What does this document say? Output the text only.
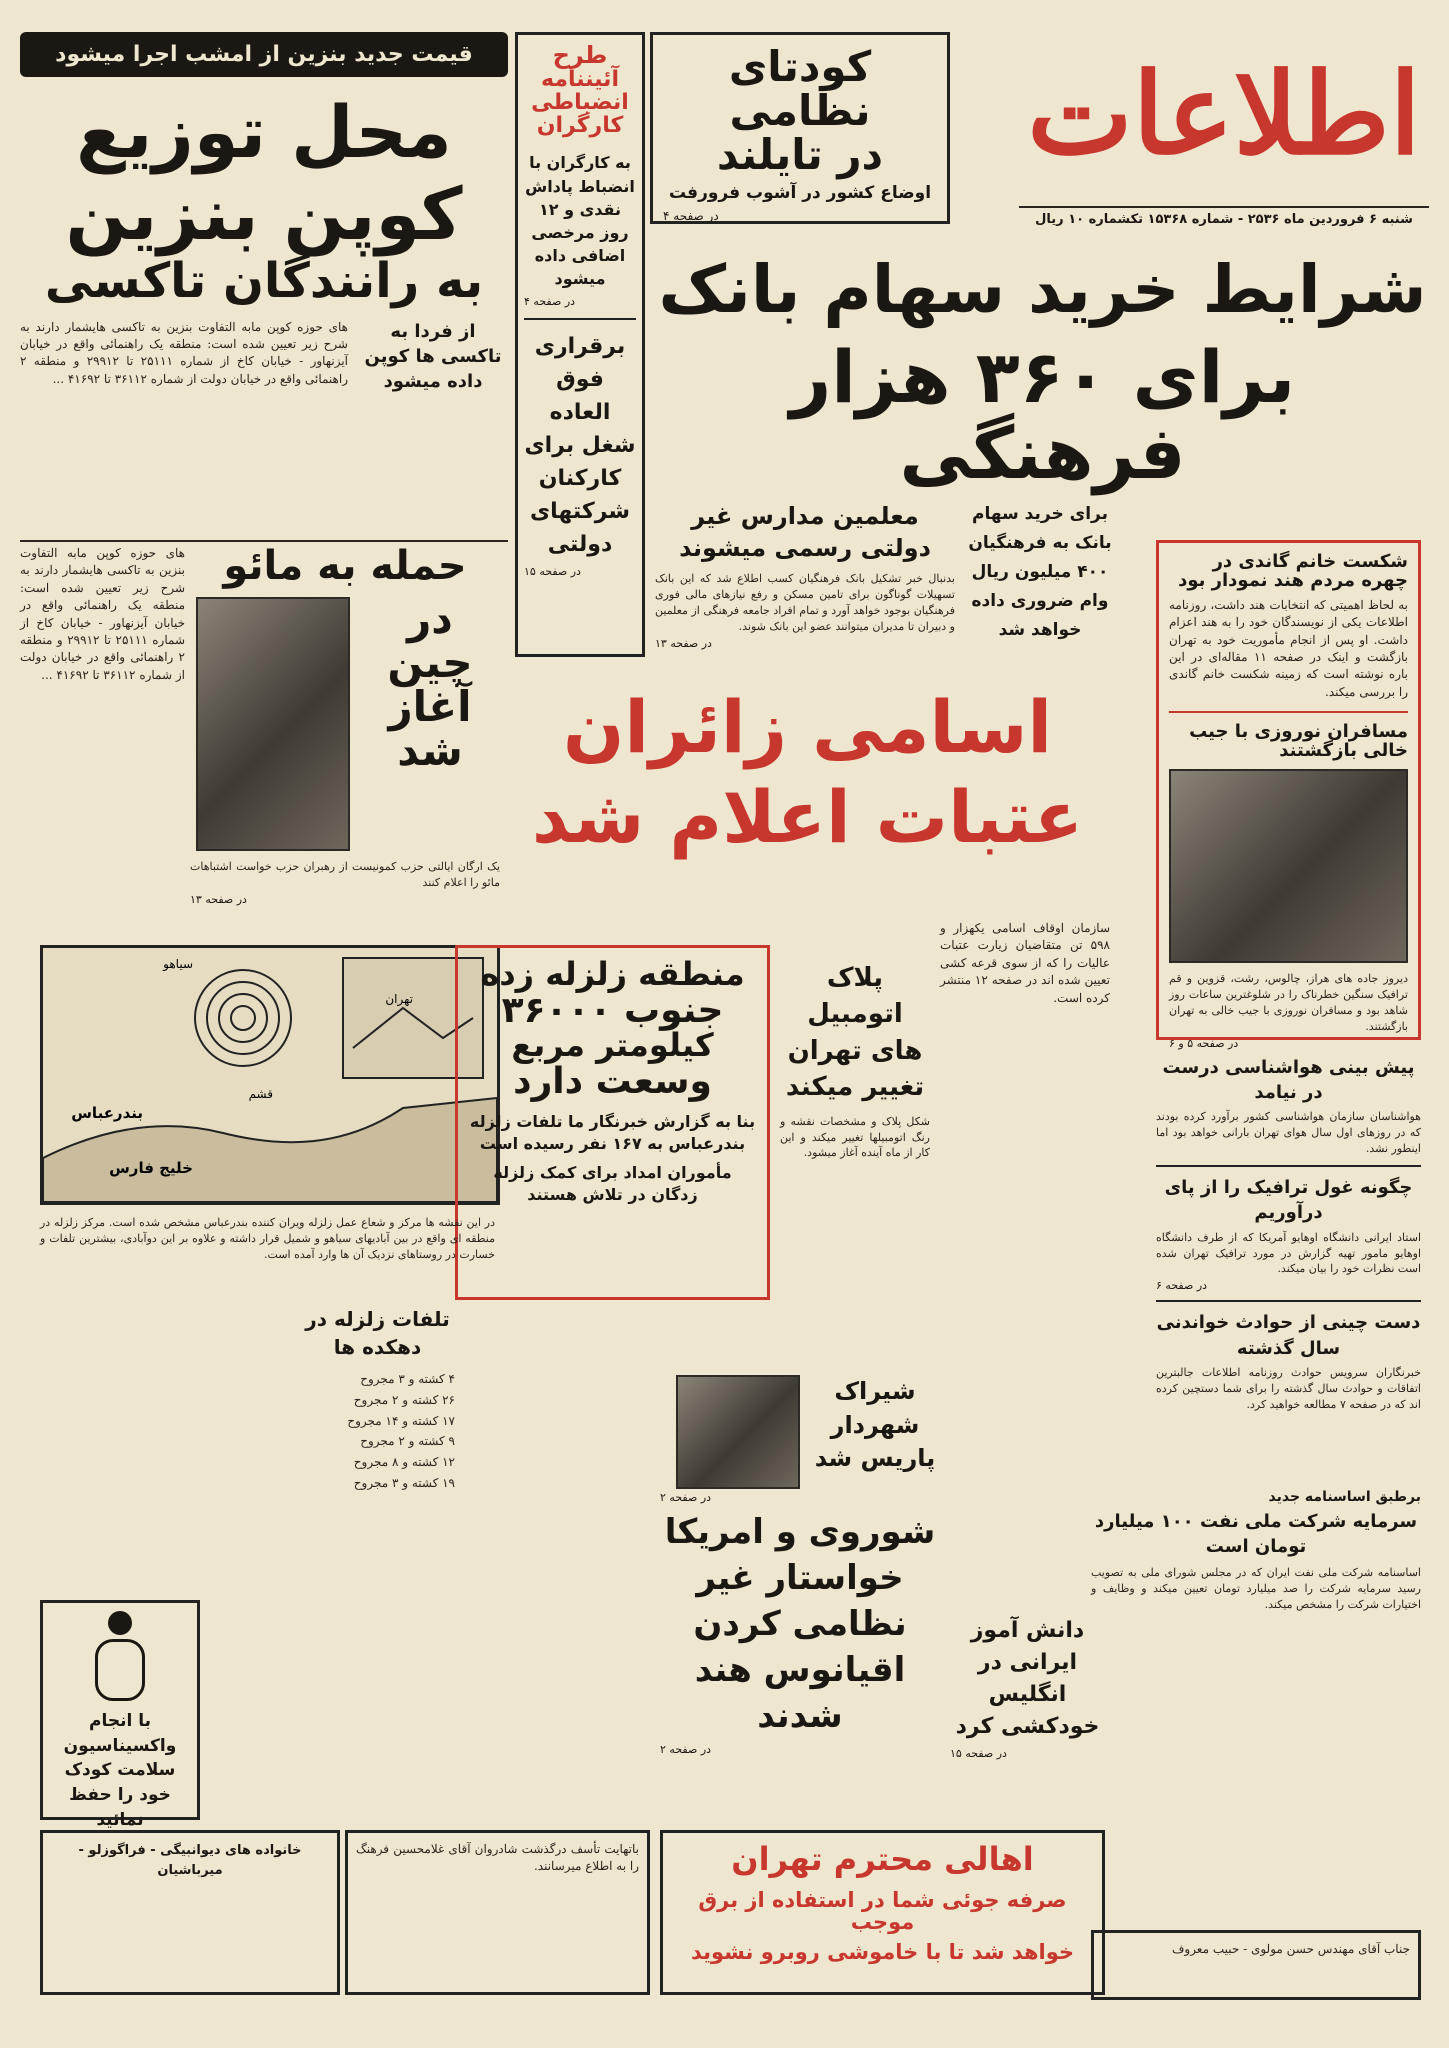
اطلاعات
شنبه ۶ فروردین ماه ۲۵۳۶ - شماره ۱۵۳۶۸ تکشماره ۱۰ ریال
کودتای نظامی
در تایلند

اوضاع کشور در آشوب فرورفت

در صفحه ۴

طرح
آئیننامه
انضباطی
کارگران

به کارگران با انضباط پاداش نقدی و ۱۲ روز مرخصی اضافی داده میشود

در صفحه ۴

برقراری فوق العاده شغل برای کارکنان شرکتهای دولتی

در صفحه ۱۵

قیمت جدید بنزین از امشب اجرا میشود
محل توزیع
کوپن بنزین
به رانندگان تاکسی

از فردا به تاکسی ها کوپن داده میشود

های حوزه کوپن مابه التفاوت بنزین به تاکسی هایشمار دارند به شرح زیر تعیین شده است: منطقه یک راهنمائی واقع در خیابان آیزنهاور - خیابان کاخ از شماره ۲۵۱۱۱ تا ۲۹۹۱۲ و منطقه ۲ راهنمائی واقع در خیابان دولت از شماره ۳۶۱۱۲ تا ۴۱۶۹۲ ...

شرایط خرید سهام بانک
برای ۳۶۰ هزار فرهنگی
شکست خانم گاندی در چهره مردم هند نمودار بود

به لحاظ اهمیتی که انتخابات هند داشت، روزنامه اطلاعات یکی از نویسندگان خود را به هند اعزام داشت. او پس از انجام مأموریت خود به تهران بازگشت و اینک در صفحه ۱۱ مقاله‌ای در این باره نوشته است که زمینه شکست خانم گاندی را بررسی میکند.

مسافران نوروزی با جیب خالی بازگشتند

دیروز جاده های هراز، چالوس، رشت، قزوین و قم ترافیک سنگین خطرناک را در شلوغترین ساعات روز شاهد بود و مسافران نوروزی با جیب خالی به تهران بازگشتند.

در صفحه ۵ و ۶

برای خرید سهام بانک به فرهنگیان ۴۰۰ میلیون ریال وام ضروری داده خواهد شد

معلمین مدارس غیر دولتی رسمی میشوند

بدنبال خبر تشکیل بانک فرهنگیان کسب اطلاع شد که این بانک تسهیلات گوناگون برای تامین مسکن و رفع نیازهای مالی فوری فرهنگیان بوجود خواهد آورد و تمام افراد جامعه فرهنگی از معلمین و دبیران تا مدیران میتوانند عضو این بانک شوند.

در صفحه ۱۳

حمله به مائو
در
چین
آغاز
شد

یک ارگان ایالتی حزب کمونیست از رهبران حزب خواست اشتباهات مائو را اعلام کنند

در صفحه ۱۳

های حوزه کوپن مابه التفاوت بنزین به تاکسی هایشمار دارند به شرح زیر تعیین شده است: منطقه یک راهنمائی واقع در خیابان آیزنهاور - خیابان کاخ از شماره ۲۵۱۱۱ تا ۲۹۹۱۲ و منطقه ۲ راهنمائی واقع در خیابان دولت از شماره ۳۶۱۱۲ تا ۴۱۶۹۲ ...

اسامی زائران
عتبات اعلام شد
سیاهو
بندرعباس
خلیج فارس
تهران
قشم
منطقه زلزله زده
جنوب ۳۶۰۰۰
کیلومتر مربع
وسعت دارد

بنا به گزارش خبرنگار ما تلفات زلزله بندرعباس به ۱۶۷ نفر رسیده است

مأموران امداد برای کمک زلزله زدگان در تلاش هستند

پلاک اتومبیل های تهران تغییر میکند

شکل پلاک و مشخصات نقشه و رنگ اتومبیلها تغییر میکند و این کار از ماه آینده آغاز میشود.

سازمان اوقاف اسامی یکهزار و ۵۹۸ تن متقاضیان زیارت عتبات عالیات را که از سوی قرعه کشی تعیین شده اند در صفحه ۱۲ منتشر کرده است.

در این نقشه ها مرکز و شعاع عمل زلزله ویران کننده بندرعباس مشخص شده است. مرکز زلزله در منطقه ای واقع در بین آبادیهای سیاهو و شمیل قرار داشته و علاوه بر این دوآبادی، بیشترین تلفات و خسارت در روستاهای نزدیک آن ها وارد آمده است.

پیش بینی هواشناسی درست در نیامد

هواشناسان سازمان هواشناسی کشور برآورد کرده بودند که در روزهای اول سال هوای تهران بارانی خواهد بود اما اینطور نشد.

چگونه غول ترافیک را از پای درآوریم

استاد ایرانی دانشگاه اوهایو آمریکا که از طرف دانشگاه اوهایو مامور تهیه گزارش در مورد ترافیک تهران شده است نظرات خود را بیان میکند.

در صفحه ۶

دست چینی از حوادث خواندنی سال گذشته

خبرنگاران سرویس حوادث روزنامه اطلاعات جالبترین اتفاقات و حوادث سال گذشته را برای شما دستچین کرده اند که در صفحه ۷ مطالعه خواهید کرد.

تلفات زلزله در دهکده ها

۴ کشته و ۳ مجروح

۲۶ کشته و ۲ مجروح

۱۷ کشته و ۱۴ مجروح

۹ کشته و ۲ مجروح

۱۲ کشته و ۸ مجروح

۱۹ کشته و ۳ مجروح

شیراک شهردار پاریس شد

در صفحه ۲

شوروی و امریکا خواستار غیر نظامی کردن اقیانوس هند شدند

در صفحه ۲

دانش آموز ایرانی در انگلیس خودکشی کرد

در صفحه ۱۵

برطبق اساسنامه جدید

سرمایه شرکت ملی نفت ۱۰۰ میلیارد تومان است

اساسنامه شرکت ملی نفت ایران که در مجلس شورای ملی به تصویب رسید سرمایه شرکت را صد میلیارد تومان تعیین میکند و وظایف و اختیارات شرکت را مشخص میکند.

با انجام واکسیناسیون سلامت کودک خود را حفظ نمائید

اهالی محترم تهران

صرفه جوئی شما در استفاده از برق موجب

خواهد شد تا با خاموشی روبرو نشوید

خانواده های دیوانبیگی - فراگوزلو - میرباشیان

باتهایت تأسف درگذشت شادروان آقای غلامحسین فرهنگ را به اطلاع میرسانند.

جناب آقای مهندس حسن مولوی - حبیب معروف
